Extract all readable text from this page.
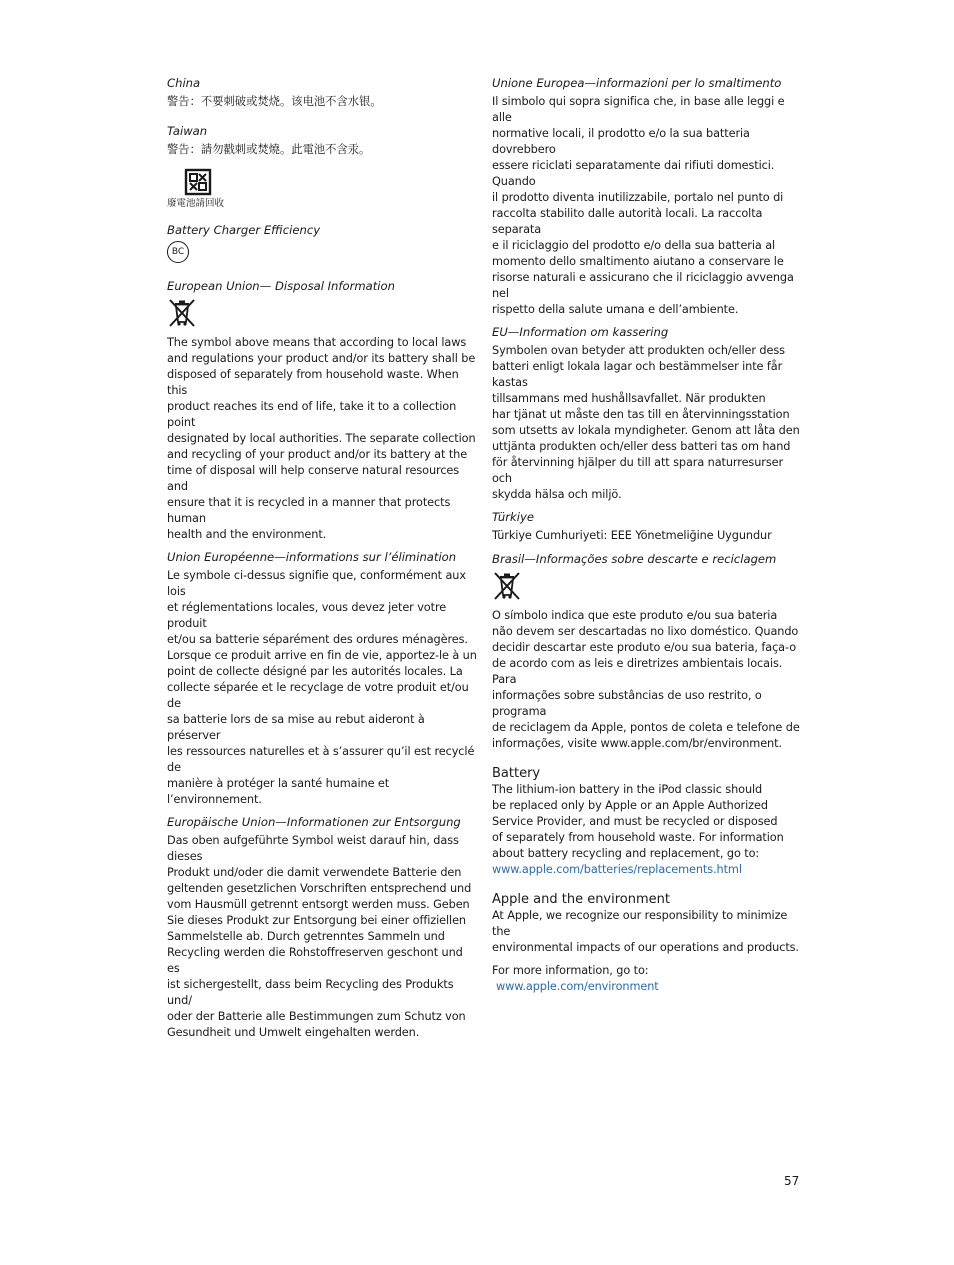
China

警告：不要刺破或焚烧。该电池不含水银。

Taiwan

警告：請勿戳刺或焚燒。此電池不含汞。

廢電池請回收

Battery Charger Efficiency

BC

European Union— Disposal Information

The symbol above means that according to local laws

and regulations your product and/or its battery shall be

disposed of separately from household waste. When this

product reaches its end of life, take it to a collection point

designated by local authorities. The separate collection

and recycling of your product and/or its battery at the

time of disposal will help conserve natural resources and

ensure that it is recycled in a manner that protects human

health and the environment.

Union Européenne—informations sur l’élimination

Le symbole ci-dessus signifie que, conformément aux lois

et réglementations locales, vous devez jeter votre produit

et/ou sa batterie séparément des ordures ménagères.

Lorsque ce produit arrive en fin de vie, apportez-le à un

point de collecte désigné par les autorités locales. La

collecte séparée et le recyclage de votre produit et/ou de

sa batterie lors de sa mise au rebut aideront à préserver

les ressources naturelles et à s’assurer qu’il est recyclé de

manière à protéger la santé humaine et l’environnement.

Europäische Union—Informationen zur Entsorgung

Das oben aufgeführte Symbol weist darauf hin, dass dieses

Produkt und/oder die damit verwendete Batterie den

geltenden gesetzlichen Vorschriften entsprechend und

vom Hausmüll getrennt entsorgt werden muss. Geben

Sie dieses Produkt zur Entsorgung bei einer offiziellen

Sammelstelle ab. Durch getrenntes Sammeln und

Recycling werden die Rohstoffreserven geschont und es

ist sichergestellt, dass beim Recycling des Produkts und/

oder der Batterie alle Bestimmungen zum Schutz von

Gesundheit und Umwelt eingehalten werden.

Unione Europea—informazioni per lo smaltimento

Il simbolo qui sopra significa che, in base alle leggi e alle

normative locali, il prodotto e/o la sua batteria dovrebbero

essere riciclati separatamente dai rifiuti domestici. Quando

il prodotto diventa inutilizzabile, portalo nel punto di

raccolta stabilito dalle autorità locali. La raccolta separata

e il riciclaggio del prodotto e/o della sua batteria al

momento dello smaltimento aiutano a conservare le

risorse naturali e assicurano che il riciclaggio avvenga nel

rispetto della salute umana e dell’ambiente.

EU—Information om kassering

Symbolen ovan betyder att produkten och/eller dess

batteri enligt lokala lagar och bestämmelser inte får kastas

tillsammans med hushållsavfallet. När produkten

har tjänat ut måste den tas till en återvinningsstation

som utsetts av lokala myndigheter. Genom att låta den

uttjänta produkten och/eller dess batteri tas om hand

för återvinning hjälper du till att spara naturresurser och

skydda hälsa och miljö.

Türkiye

Türkiye Cumhuriyeti: EEE Yönetmeliğine Uygundur

Brasil—Informações sobre descarte e reciclagem

O símbolo indica que este produto e/ou sua bateria

não devem ser descartadas no lixo doméstico. Quando

decidir descartar este produto e/ou sua bateria, faça-o

de acordo com as leis e diretrizes ambientais locais. Para

informações sobre substâncias de uso restrito, o programa

de reciclagem da Apple, pontos de coleta e telefone de

informações, visite www.apple.com/br/environment.

Battery

The lithium-ion battery in the iPod classic should

be replaced only by Apple or an Apple Authorized

Service Provider, and must be recycled or disposed

of separately from household waste. For information

about battery recycling and replacement, go to:

www.apple.com/batteries/replacements.html

Apple and the environment

At Apple, we recognize our responsibility to minimize the

environmental impacts of our operations and products.

For more information, go to: www.apple.com/environment

57
